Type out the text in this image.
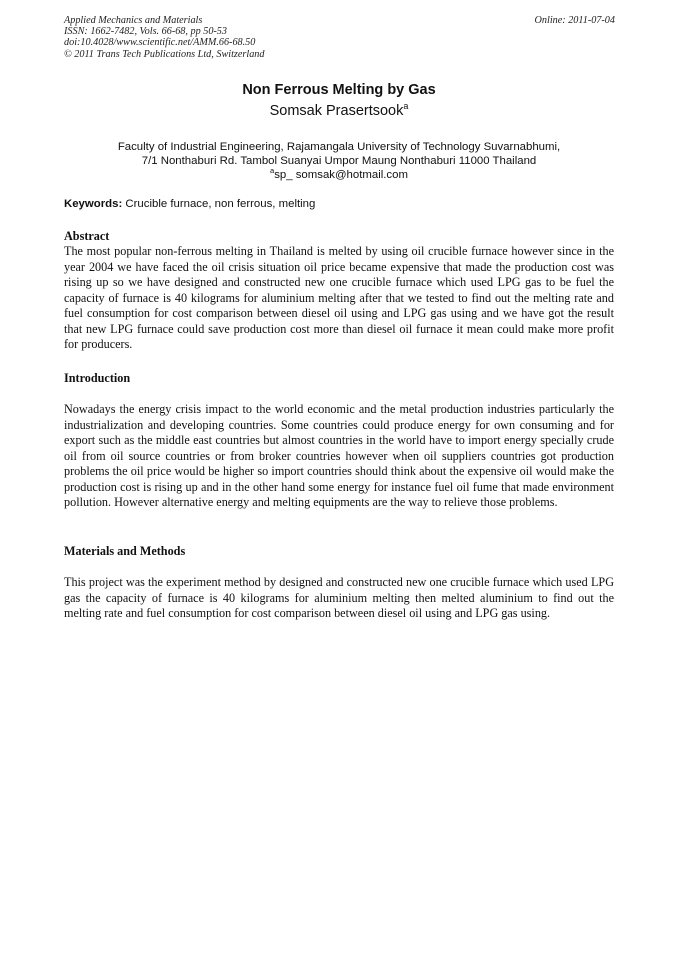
Applied Mechanics and Materials
ISSN: 1662-7482, Vols. 66-68, pp 50-53
doi:10.4028/www.scientific.net/AMM.66-68.50
© 2011 Trans Tech Publications Ltd, Switzerland
Online: 2011-07-04
Non Ferrous Melting by Gas
Somsak Prasertsook$^a$
Faculty of Industrial Engineering, Rajamangala University of Technology Suvarnabhumi,
7/1 Nonthaburi Rd. Tambol Suanyai Umpor Maung Nonthaburi 11000 Thailand
$^a$sp_ somsak@hotmail.com
Keywords: Crucible furnace, non ferrous, melting
Abstract
The most popular non-ferrous melting in Thailand is melted by using oil crucible furnace however since in the year 2004 we have faced the oil crisis situation oil price became expensive that made the production cost was rising up so we have designed and constructed new one crucible furnace which used LPG gas to be fuel the capacity of furnace is 40 kilograms for aluminium melting after that we tested to find out the melting rate and fuel consumption for cost comparison between diesel oil using and LPG gas using and we have got the result that new LPG furnace could save production cost more than diesel oil furnace it mean could make more profit for producers.
Introduction
Nowadays the energy crisis impact to the world economic and the metal production industries particularly the industrialization and developing countries. Some countries could produce energy for own consuming and for export such as the middle east countries but almost countries in the world have to import energy specially crude oil from oil source countries or from broker countries however when oil suppliers countries got production problems the oil price would be higher so import countries should think about the expensive oil would make the production cost is rising up and in the other hand some energy for instance fuel oil fume that made environment pollution. However alternative energy and melting equipments are the way to relieve those problems.
Materials and Methods
This project was the experiment method by designed and constructed new one crucible furnace which used LPG gas the capacity of furnace is 40 kilograms for aluminium melting then melted aluminium to find out the melting rate and fuel consumption for cost comparison between diesel oil using and LPG gas using.
